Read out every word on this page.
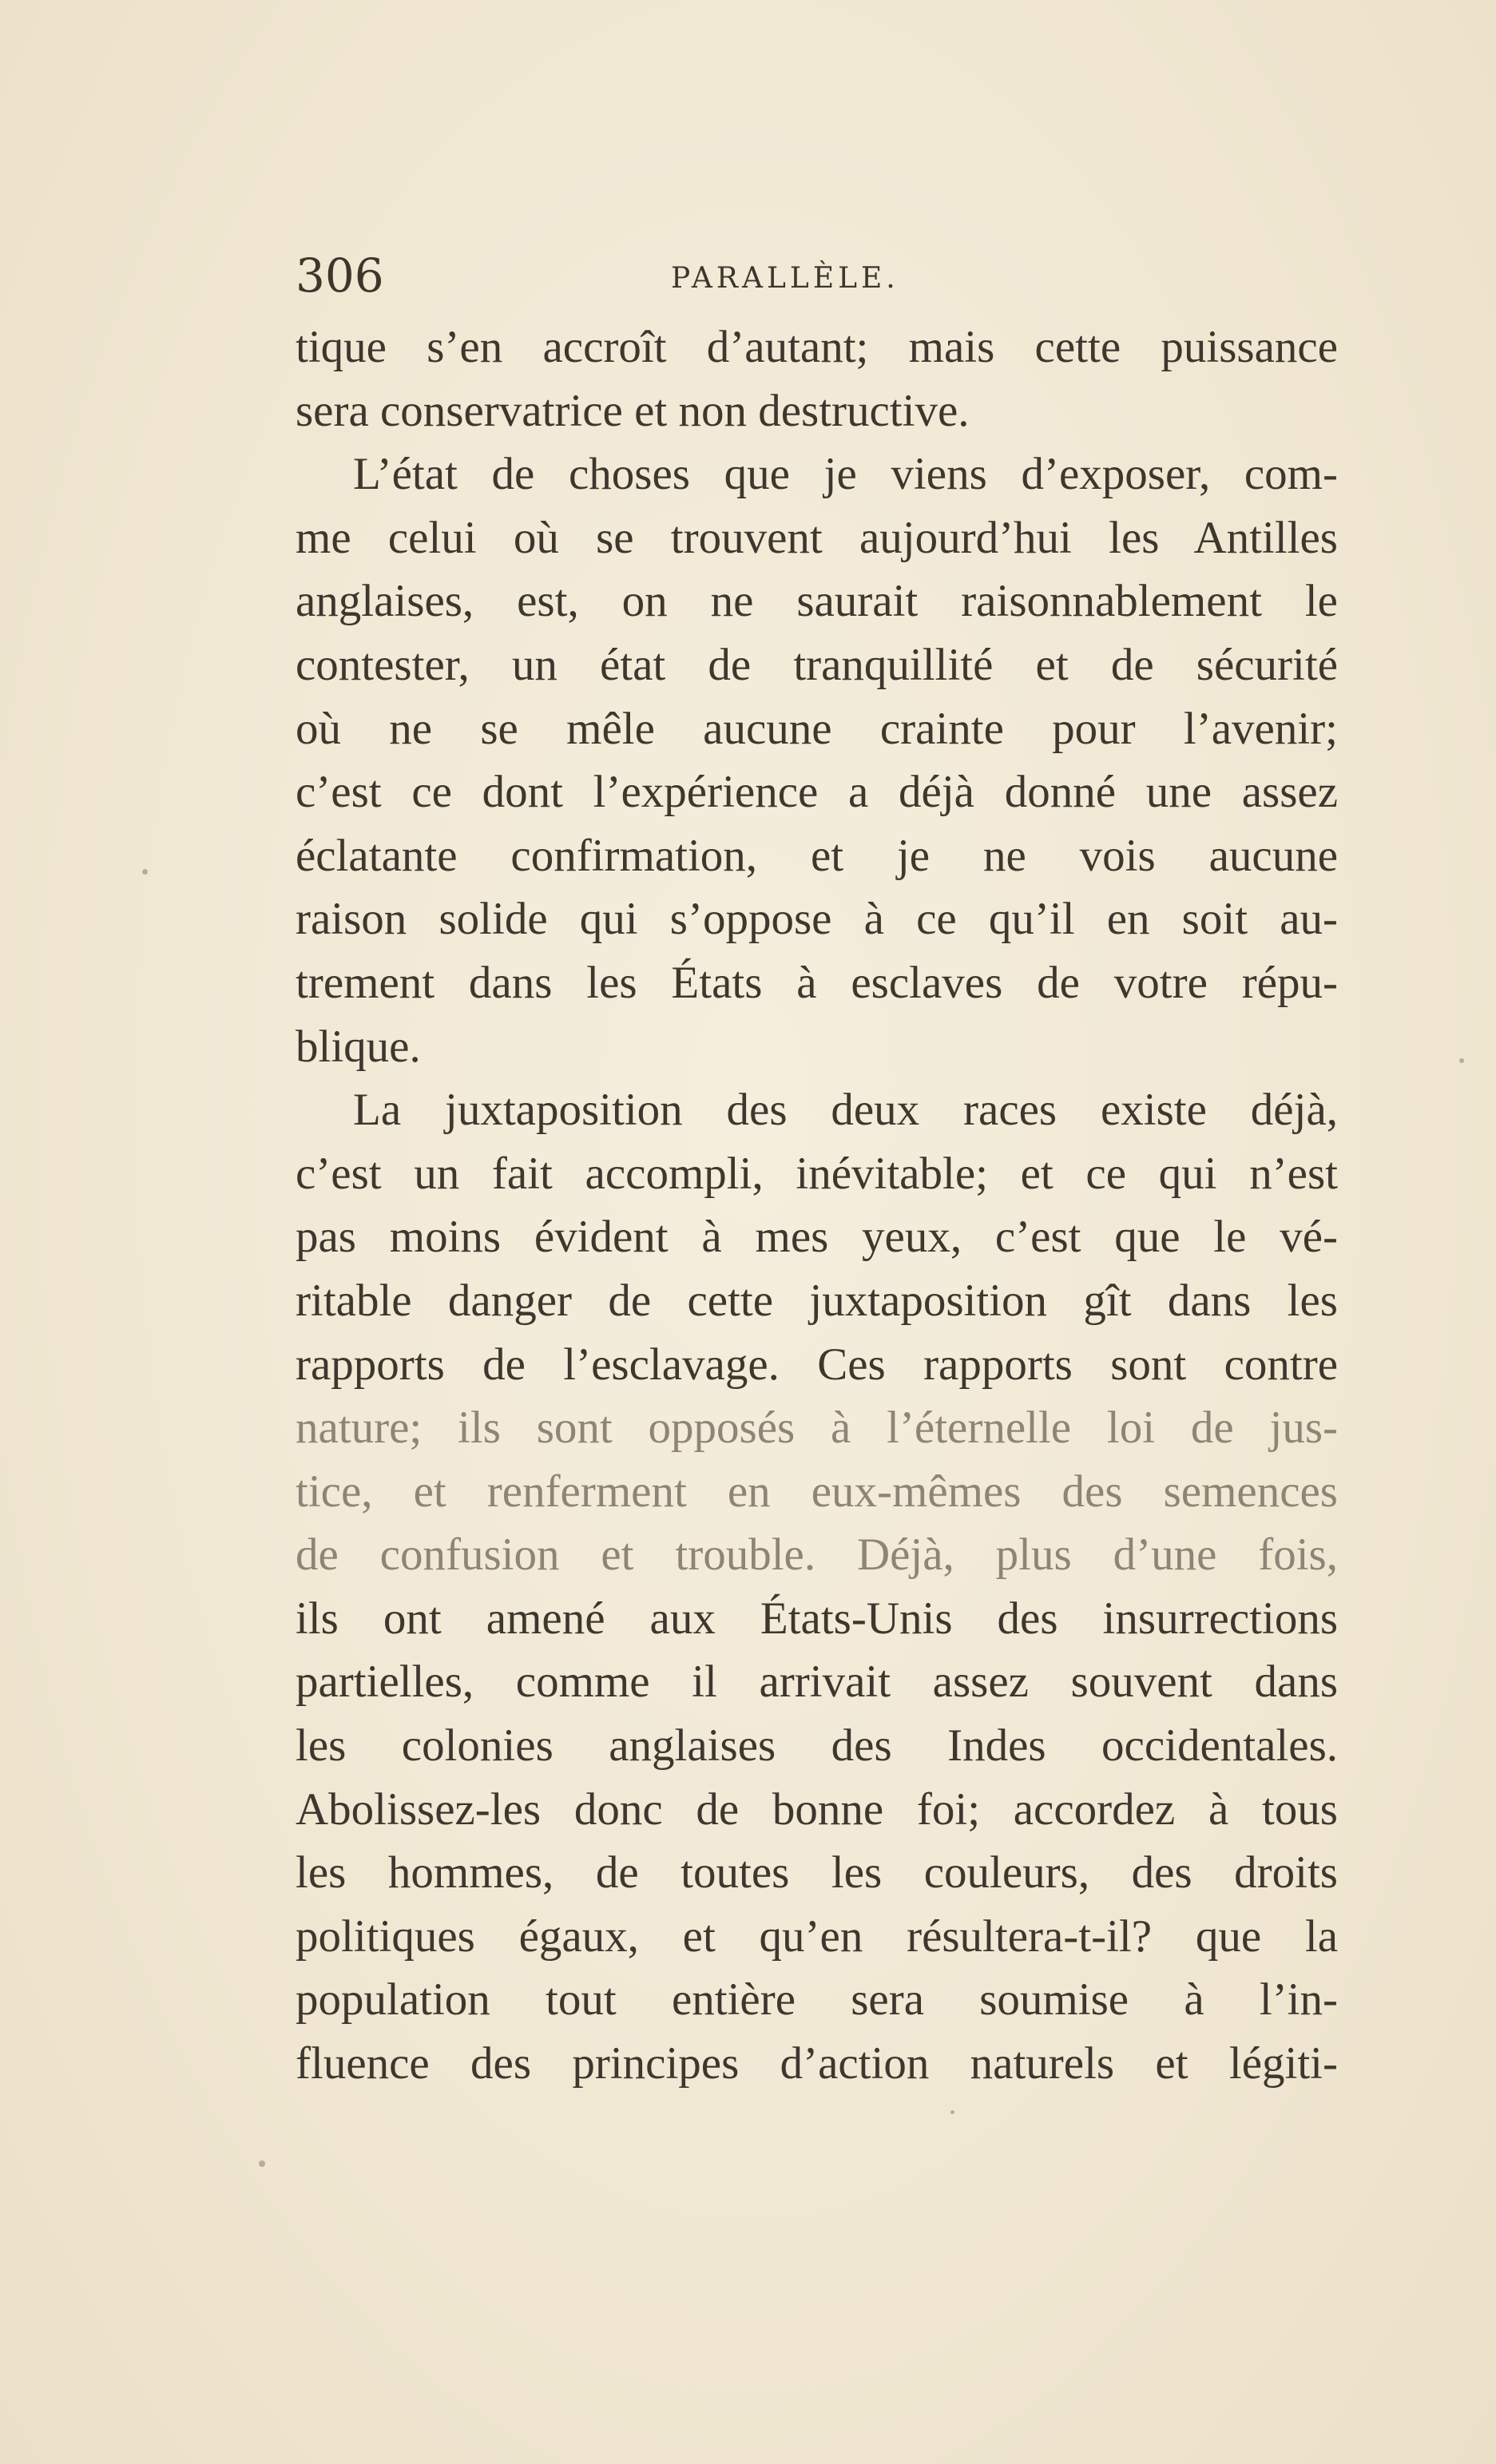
306	PARALLÈLE.
tique s’en accroît d’autant; mais cette puissance
sera conservatrice et non destructive.
L’état de choses que je viens d’exposer, com-
me celui où se trouvent aujourd’hui les Antilles
anglaises, est, on ne saurait raisonnablement le
contester, un état de tranquillité et de sécurité
où ne se mêle aucune crainte pour l’avenir;
c’est ce dont l’expérience a déjà donné une assez
éclatante confirmation, et je ne vois aucune
raison solide qui s’oppose à ce qu’il en soit au-
trement dans les États à esclaves de votre répu-
blique.
La juxtaposition des deux races existe déjà,
c’est un fait accompli, inévitable; et ce qui n’est
pas moins évident à mes yeux, c’est que le vé-
ritable danger de cette juxtaposition gît dans les
rapports de l’esclavage. Ces rapports sont contre
nature; ils sont opposés à l’éternelle loi de jus-
tice, et renferment en eux-mêmes des semences
de confusion et trouble. Déjà, plus d’une fois,
ils ont amené aux États-Unis des insurrections
partielles, comme il arrivait assez souvent dans
les colonies anglaises des Indes occidentales.
Abolissez-les donc de bonne foi; accordez à tous
les hommes, de toutes les couleurs, des droits
politiques égaux, et qu’en résultera-t-il? que la
population tout entière sera soumise à l’in-
fluence des principes d’action naturels et légiti-
